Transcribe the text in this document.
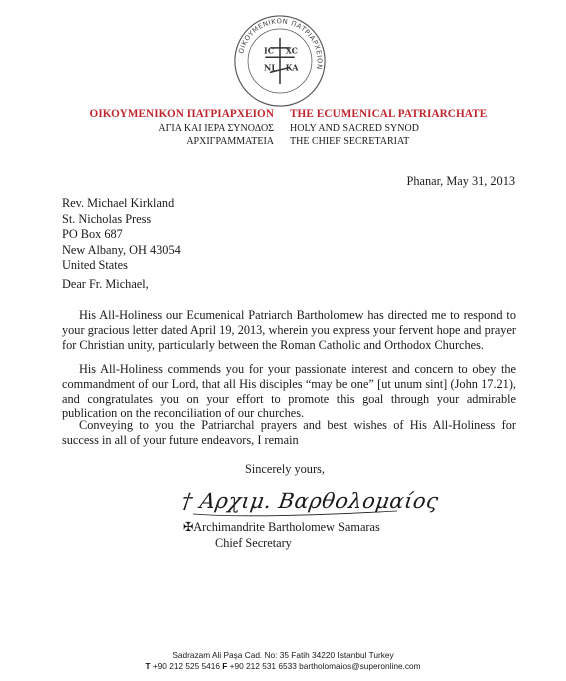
ΟΙΚΟΥΜΕΝΙΚΟΝ ΠΑΤΡΙΑΡΧΕΙΟΝ
IC XC
NI KA
ΟΙΚΟΥΜΕΝΙΚΟΝ ΠΑΤΡΙΑΡΧΕΙΟΝ
ΑΓΙΑ ΚΑΙ ΙΕΡΑ ΣΥΝΟΔΟΣ
ΑΡΧΙΓΡΑΜΜΑΤΕΙΑ
THE ECUMENICAL PATRIARCHATE
HOLY AND SACRED SYNOD
THE CHIEF SECRETARIAT
Phanar, May 31, 2013
Rev. Michael Kirkland
St. Nicholas Press
PO Box 687
New Albany, OH 43054
United States
Dear Fr. Michael,
His All-Holiness our Ecumenical Patriarch Bartholomew has directed me to respond to your gracious letter dated April 19, 2013, wherein you express your fervent hope and prayer for Christian unity, particularly between the Roman Catholic and Orthodox Churches.
His All-Holiness commends you for your passionate interest and concern to obey the commandment of our Lord, that all His disciples “may be one” [ut unum sint] (John 17.21), and congratulates you on your effort to promote this goal through your admirable publication on the reconciliation of our churches.
Conveying to you the Patriarchal prayers and best wishes of His All-Holiness for success in all of your future endeavors, I remain
Sincerely yours,
† Αρχιμ. Βαρθολομαίος
✠Archimandrite Bartholomew Samaras
Chief Secretary
Sadrazam Ali Paşa Cad. No: 35 Fatih 34220 Istanbul Turkey
T +90 212 525 5416 F +90 212 531 6533 bartholomaios@superonline.com
